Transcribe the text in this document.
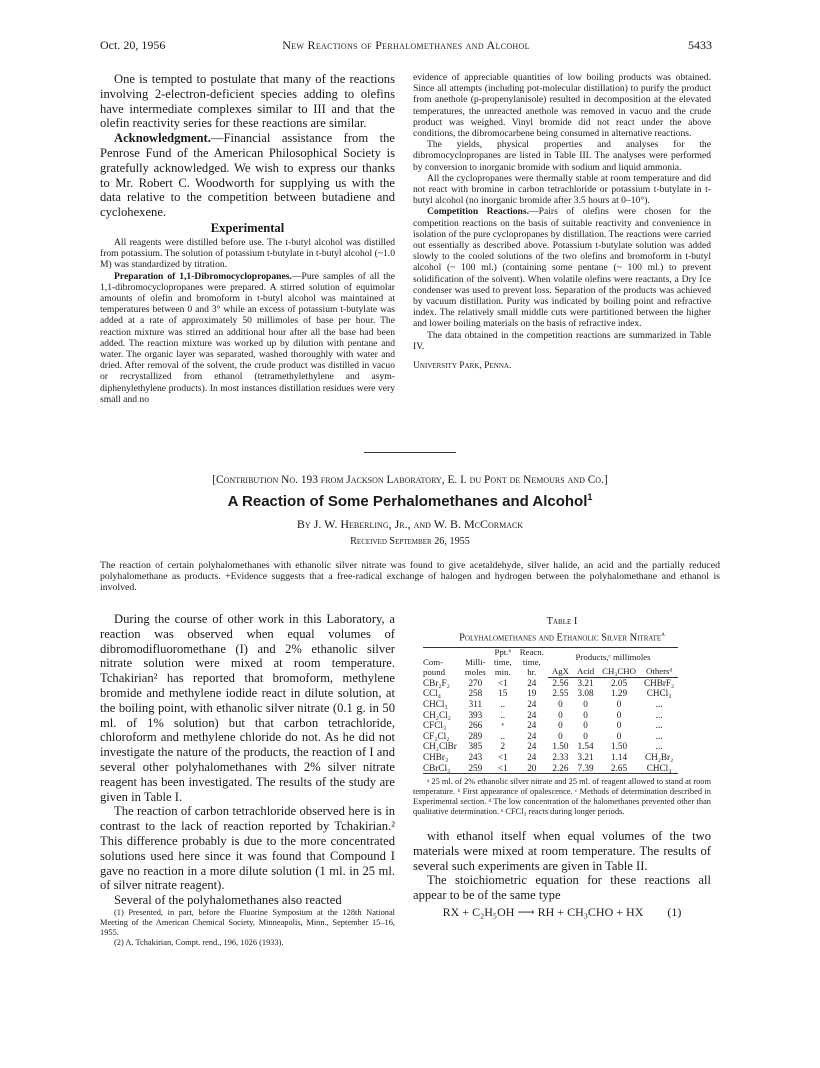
Oct. 20, 1956	New Reactions of Perhalomethanes and Alcohol	5433

One is tempted to postulate that many of the reactions involving 2-electron-deficient species adding to olefins have intermediate complexes similar to III and that the olefin reactivity series for these reactions are similar.

Acknowledgment.—Financial assistance from the Penrose Fund of the American Philosophical Society is gratefully acknowledged. We wish to express our thanks to Mr. Robert C. Woodworth for supplying us with the data relative to the competition between butadiene and cyclohexene.

Experimental

All reagents were distilled before use. The t-butyl alcohol was distilled from potassium. The solution of potassium t-butylate in t-butyl alcohol (~1.0 M) was standardized by titration.

Preparation of 1,1-Dibromocyclopropanes.—Pure samples of all the 1,1-dibromocyclopropanes were prepared. A stirred solution of equimolar amounts of olefin and bromoform in t-butyl alcohol was maintained at temperatures between 0 and 3° while an excess of potassium t-butylate was added at a rate of approximately 50 millimoles of base per hour. The reaction mixture was stirred an additional hour after all the base had been added. The reaction mixture was worked up by dilution with pentane and water. The organic layer was separated, washed thoroughly with water and dried. After removal of the solvent, the crude product was distilled in vacuo or recrystallized from ethanol (tetramethylethylene and asym-diphenylethylene products). In most instances distillation residues were very small and no

evidence of appreciable quantities of low boiling products was obtained. Since all attempts (including pot-molecular distillation) to purify the product from anethole (p-propenylanisole) resulted in decomposition at the elevated temperatures, the unreacted anethole was removed in vacuo and the crude product was weighed. Vinyl bromide did not react under the above conditions, the dibromocarbene being consumed in alternative reactions.

The yields, physical properties and analyses for the dibromocyclopropanes are listed in Table III. The analyses were performed by conversion to inorganic bromide with sodium and liquid ammonia.

All the cyclopropanes were thermally stable at room temperature and did not react with bromine in carbon tetrachloride or potassium t-butylate in t-butyl alcohol (no inorganic bromide after 3.5 hours at 0–10°).

Competition Reactions.—Pairs of olefins were chosen for the competition reactions on the basis of suitable reactivity and convenience in isolation of the pure cyclopropanes by distillation. The reactions were carried out essentially as described above. Potassium t-butylate solution was added slowly to the cooled solutions of the two olefins and bromoform in t-butyl alcohol (~ 100 ml.) (containing some pentane (~ 100 ml.) to prevent solidification of the solvent). When volatile olefins were reactants, a Dry Ice condenser was used to prevent loss. Separation of the products was achieved by vacuum distillation. Purity was indicated by boiling point and refractive index. The relatively small middle cuts were partitioned between the higher and lower boiling materials on the basis of refractive index.

The data obtained in the competition reactions are summarized in Table IV.

University Park, Penna.

[Contribution No. 193 from Jackson Laboratory, E. I. du Pont de Nemours and Co.]
A Reaction of Some Perhalomethanes and Alcohol$^1$
By J. W. Heberling, Jr., and W. B. McCormack
Received September 26, 1955
The reaction of certain polyhalomethanes with ethanolic silver nitrate was found to give acetaldehyde, silver halide, an acid and the partially reduced polyhalomethane as products. +Evidence suggests that a free-radical exchange of halogen and hydrogen between the polyhalomethane and ethanol is involved.

During the course of other work in this Laboratory, a reaction was observed when equal volumes of dibromodifluoromethane (I) and 2% ethanolic silver nitrate solution were mixed at room temperature. Tchakirian² has reported that bromoform, methylene bromide and methylene iodide react in dilute solution, at the boiling point, with ethanolic silver nitrate (0.1 g. in 50 ml. of 1% solution) but that carbon tetrachloride, chloroform and methylene chloride do not. As he did not investigate the nature of the products, the reaction of I and several other polyhalomethanes with 2% silver nitrate reagent has been investigated. The results of the study are given in Table I.

The reaction of carbon tetrachloride observed here is in contrast to the lack of reaction reported by Tchakirian.² This difference probably is due to the more concentrated solutions used here since it was found that Compound I gave no reaction in a more dilute solution (1 ml. in 25 ml. of silver nitrate reagent).

Several of the polyhalomethanes also reacted

(1) Presented, in part, before the Fluorine Symposium at the 128th National Meeting of the American Chemical Society, Minneapolis, Minn., September 15–16, 1955.

(2) A. Tchakirian, Compt. rend., 196, 1026 (1933).

Table I
Polyhalomethanes and Ethanolic Silver Nitrate$^a$
Com-
pound	Milli-
moles	Ppt.ᵇ
time,
min.	Reacn.
time,
hr.	Products,ᶜ millimoles			
				AgX	Acid	CH₃CHO	Othersᵈ
CBr₂F₂	270	<1	24	2.56	3.21	2.05	CHBrF₂
CCl₄	258	15	19	2.55	3.08	1.29	CHCl₃
CHCl₃	311	..	24	0	0	0	...
CH₂Cl₂	393	..	24	0	0	0	...
CFCl₃	266	ᵉ	24	0	0	0	...
CF₂Cl₂	289	..	24	0	0	0	...
CH₂ClBr	385	2	24	1.50	1.54	1.50	...
CHBr₃	243	<1	24	2.33	3.21	1.14	CH₂Br₂
CBrCl₃	259	<1	20	2.26	7.39	2.65	CHCl₃

ᵃ 25 ml. of 2% ethanolic silver nitrate and 25 ml. of reagent allowed to stand at room temperature. ᵇ First appearance of opalescence. ᶜ Methods of determination described in Experimental section. ᵈ The low concentration of the halomethanes prevented other than qualitative determination. ᵉ CFCl₃ reacts during longer periods.

with ethanol itself when equal volumes of the two materials were mixed at room temperature. The results of several such experiments are given in Table II.

The stoichiometric equation for these reactions all appear to be of the same type

RX + C₂H₅OH ⟶ RH + CH₃CHO + HX (1)
